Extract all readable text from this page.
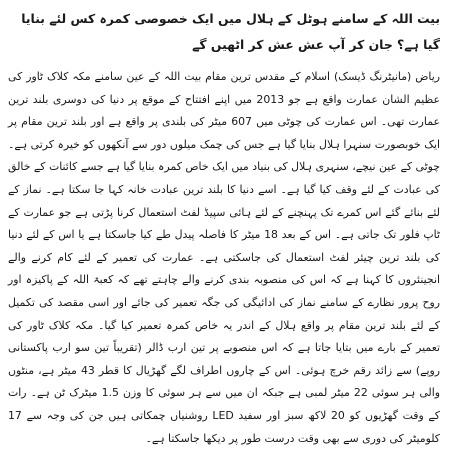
بیت اللہ کے سامنے ہوٹل کے ہلال میں ایک خصوصی کمرہ کس لئے بنایا گیا ہے؟ جان کر آپ عش عش کر اٹھیں گے

ریاض (مانیٹرنگ ڈیسک) اسلام کے مقدس ترین مقام بیت اللہ کے عین سامنے مکہ کلاک ٹاور کی عظیم الشان عمارت واقع ہے جو 2013 میں اپنے افتتاح کے موقع پر دنیا کی دوسری بلند ترین عمارت تھی۔ اس عمارت کی چوٹی میں 607 میٹر کی بلندی پر واقع ہے اور بلند ترین مقام پر ایک خوبصورت سنہرا ہلال بنایا گیا ہے جس کی چمک میلوں دور سے آنکھوں کو خیرہ کرتی ہے۔ چوٹی کے عین نیچے، سنہری ہلال کی بنیاد میں ایک خاص کمرہ بنایا گیا ہے جسے کائنات کے خالق کی عبادت کے لئے وقف کیا گیا ہے۔ اسے دنیا کا بلند ترین عبادت خانہ کہا جا سکتا ہے۔ نماز کے لئے بنائے گئے اس کمرے تک پہنچنے کے لئے ہائی سپیڈ لفٹ استعمال کرنا پڑتی ہے جو عمارت کے ٹاپ فلور تک جاتی ہے۔ اس کے بعد 18 میٹر کا فاصلہ پیدل طے کیا جاسکتا ہے یا اس کے لئے دنیا کی بلند ترین چیئر لفٹ استعمال کی جاسکتی ہے۔ عمارت کی تعمیر کے لئے کام کرنے والے انجینئروں کا کہنا ہے کہ اس کی منصوبہ بندی کرنے والے چاہتے تھے کہ کعبۃ اللہ کے پاکیزہ اور روح پرور نظارے کے سامنے نماز کی ادائیگی کی جگہ تعمیر کی جائے اور اسی مقصد کی تکمیل کے لئے بلند ترین مقام پر واقع ہلال کے اندر یہ خاص کمرہ تعمیر کیا گیا۔ مکہ کلاک ٹاور کی تعمیر کے بارے میں بتایا جاتا ہے کہ اس منصوبے پر تین ارب ڈالر (تقریباً تین سو ارب پاکستانی روپے) سے زائد رقم خرچ ہوئی۔ اس کے چاروں اطراف لگے گھڑیال کا قطر 43 میٹر ہے، منٹوں والی ہر سوئی 22 میٹر لمبی ہے جبکہ ان میں سے ہر سوئی کا وزن 1.5 میٹرک ٹن ہے۔ رات کے وقت گھڑیوں کو 20 لاکھ سبز اور سفید LED روشنیاں چمکاتی ہیں جن کی وجہ سے 17 کلومیٹر کی دوری سے بھی وقت درست طور پر دیکھا جاسکتا ہے۔
